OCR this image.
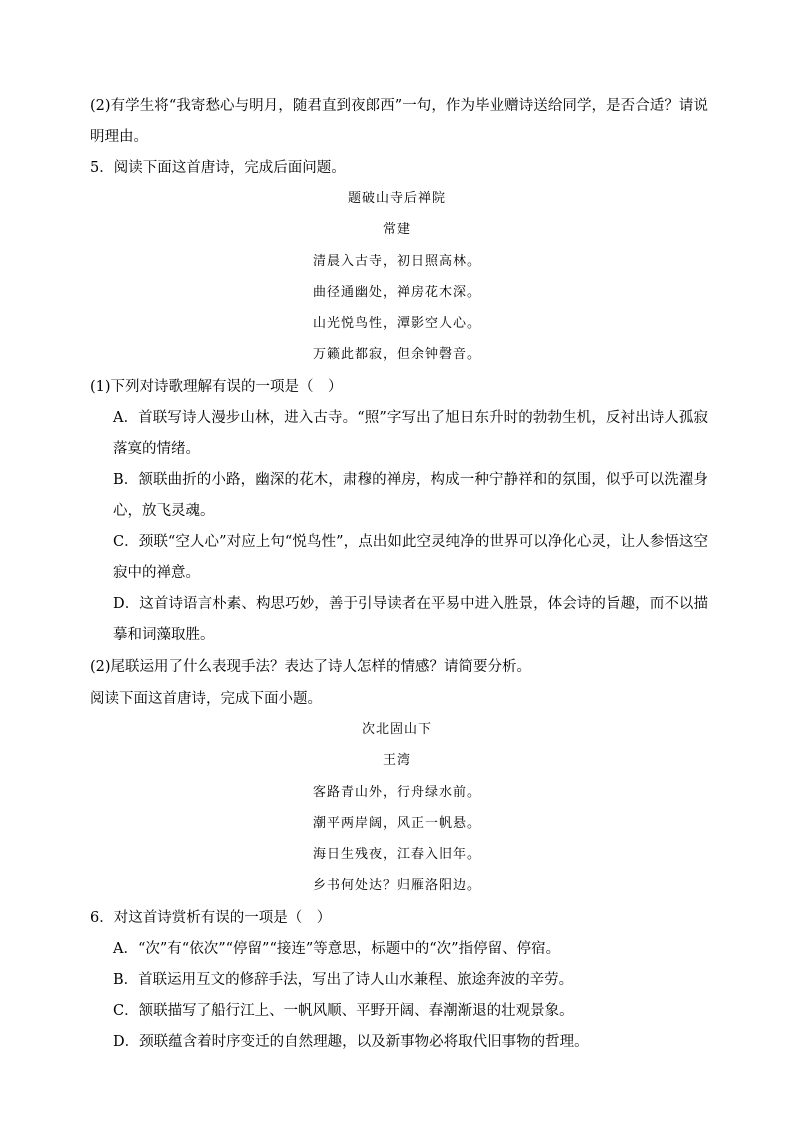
(2)有学生将“我寄愁心与明月，随君直到夜郎西”一句，作为毕业赠诗送给同学，是否合适？请说明理由。

5．阅读下面这首唐诗，完成后面问题。

题破山寺后禅院

常建

清晨入古寺，初日照高林。

曲径通幽处，禅房花木深。

山光悦鸟性，潭影空人心。

万籁此都寂，但余钟磬音。

(1)下列对诗歌理解有误的一项是（　）

A．首联写诗人漫步山林，进入古寺。“照”字写出了旭日东升时的勃勃生机，反衬出诗人孤寂落寞的情绪。

B．颔联曲折的小路，幽深的花木，肃穆的禅房，构成一种宁静祥和的氛围，似乎可以洗濯身心，放飞灵魂。

C．颈联“空人心”对应上句“悦鸟性”，点出如此空灵纯净的世界可以净化心灵，让人参悟这空寂中的禅意。

D．这首诗语言朴素、构思巧妙，善于引导读者在平易中进入胜景，体会诗的旨趣，而不以描摹和词藻取胜。

(2)尾联运用了什么表现手法？表达了诗人怎样的情感？请简要分析。

阅读下面这首唐诗，完成下面小题。

次北固山下

王湾

客路青山外，行舟绿水前。

潮平两岸阔，风正一帆悬。

海日生残夜，江春入旧年。

乡书何处达？归雁洛阳边。

6．对这首诗赏析有误的一项是（　）

A．“次”有“依次”“停留”“接连”等意思，标题中的“次”指停留、停宿。

B．首联运用互文的修辞手法，写出了诗人山水兼程、旅途奔波的辛劳。

C．颔联描写了船行江上、一帆风顺、平野开阔、春潮渐退的壮观景象。

D．颈联蕴含着时序变迁的自然理趣，以及新事物必将取代旧事物的哲理。
